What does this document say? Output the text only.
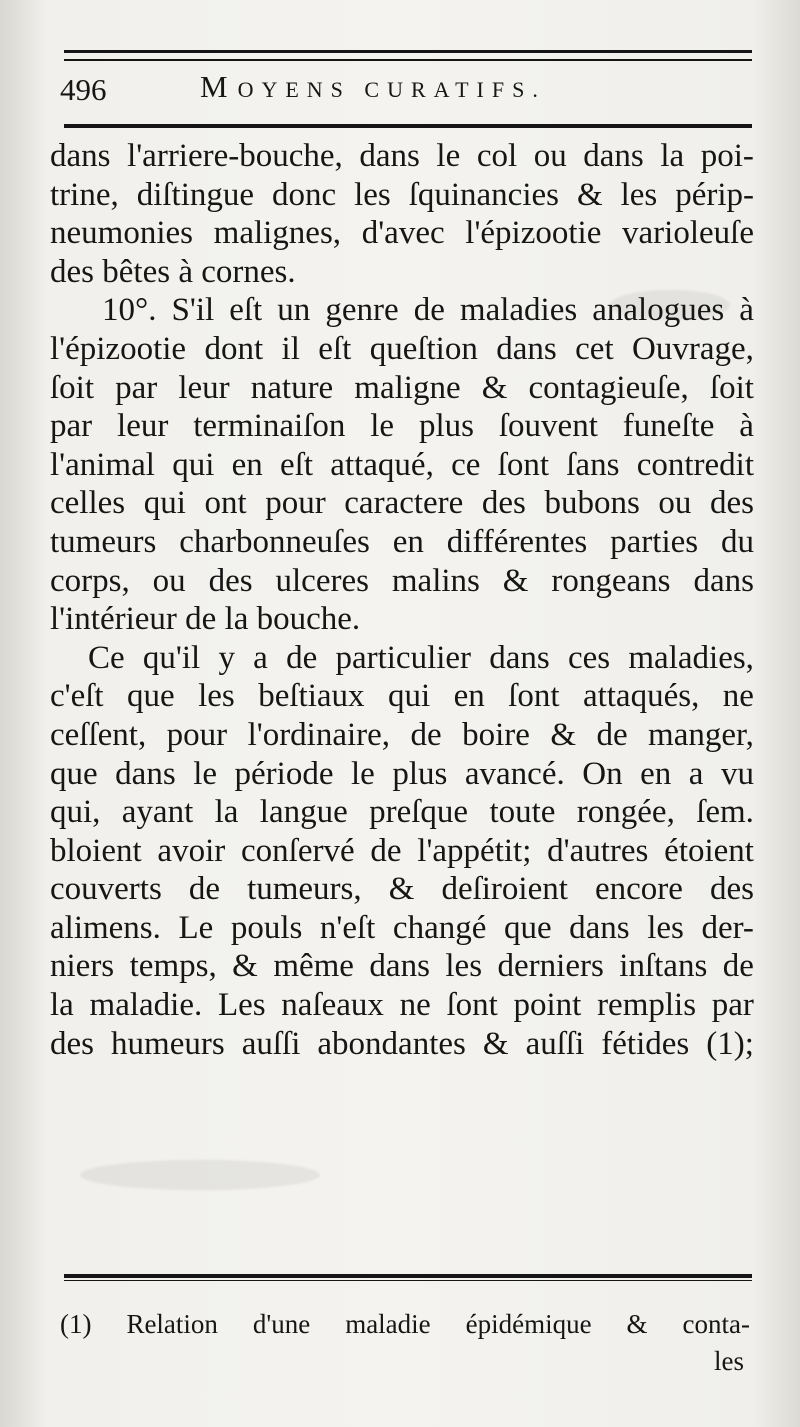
496	MOYENS CURATIFS.
dans l'arriere-bouche, dans le col ou dans la poi-
trine, diſtingue donc les ſquinancies & les périp-
neumonies malignes, d'avec l'épizootie varioleuſe
des
bêtes
à
cornes.
10°. S'il eſt un genre de maladies analogues à
l'épizootie dont il eſt queſtion dans cet Ouvrage,
ſoit par leur nature maligne & contagieuſe, ſoit
par leur terminaiſon le plus ſouvent funeſte à
l'animal qui en eſt attaqué, ce ſont ſans contredit
celles qui ont pour caractere des bubons ou des
tumeurs charbonneuſes en différentes parties du
corps, ou des ulceres malins & rongeans dans
l'intérieur
de
la
bouche.
Ce qu'il y a de particulier dans ces maladies,
c'eſt que les beſtiaux qui en ſont attaqués, ne
ceſſent, pour l'ordinaire, de boire & de manger,
que dans le période le plus avancé. On en a vu
qui, ayant la langue preſque toute rongée, ſem.
bloient avoir conſervé de l'appétit; d'autres étoient
couverts de tumeurs, & deſiroient encore des
alimens. Le pouls n'eſt changé que dans les der-
niers temps, & même dans les derniers inſtans de
la maladie. Les naſeaux ne ſont point remplis par
des humeurs auſſi abondantes & auſſi fétides (1);
(1) Relation d'une maladie épidémique & conta-
les
